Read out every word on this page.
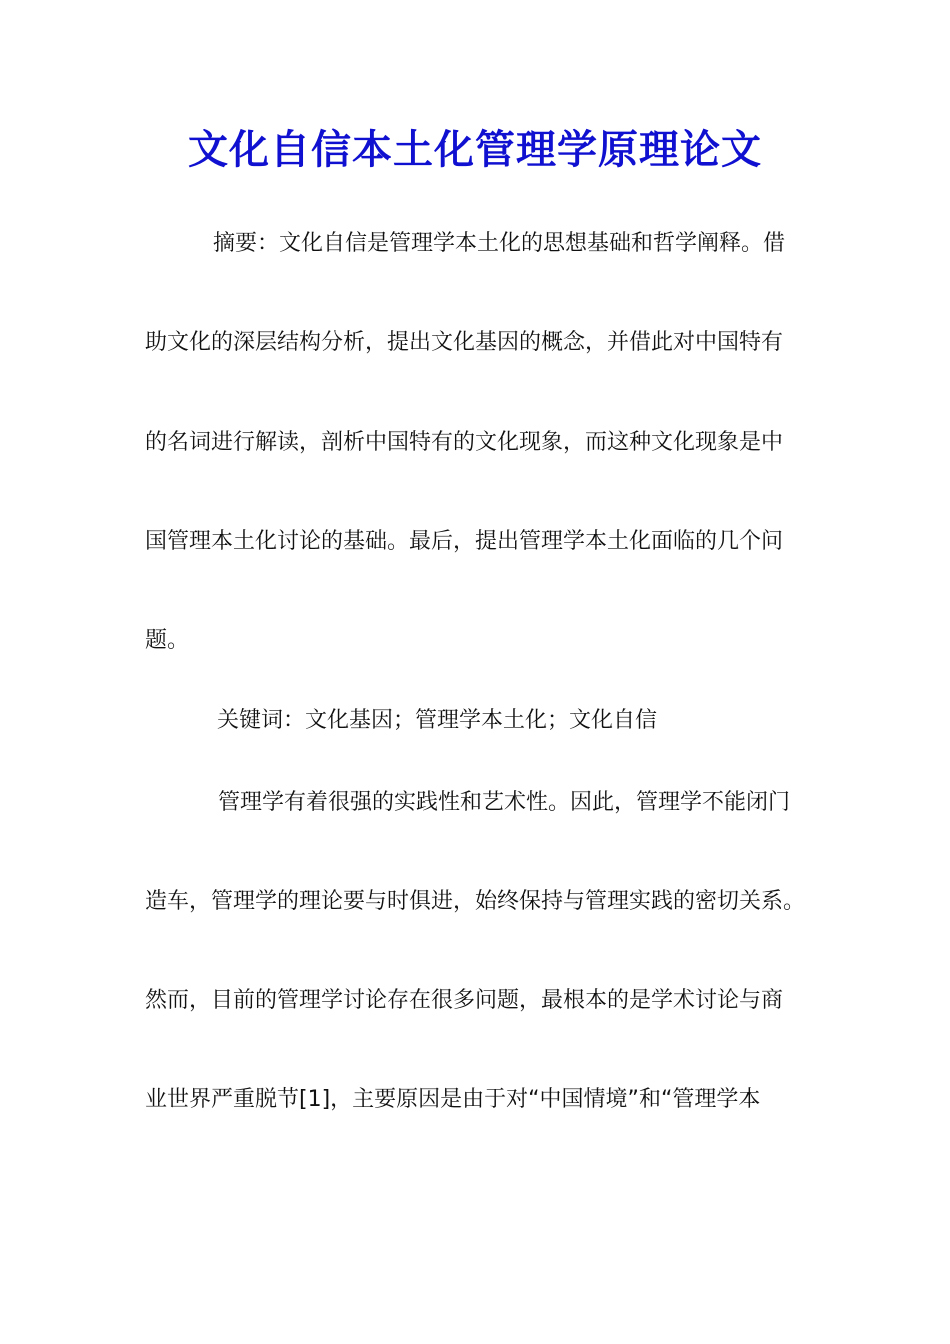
文化自信本土化管理学原理论文
摘要：文化自信是管理学本土化的思想基础和哲学阐释。借
助文化的深层结构分析，提出文化基因的概念，并借此对中国特有
的名词进行解读，剖析中国特有的文化现象，而这种文化现象是中
国管理本土化讨论的基础。最后，提出管理学本土化面临的几个问
题。
关键词：文化基因；管理学本土化；文化自信
管理学有着很强的实践性和艺术性。因此，管理学不能闭门
造车，管理学的理论要与时俱进，始终保持与管理实践的密切关系。
然而，目前的管理学讨论存在很多问题，最根本的是学术讨论与商
业世界严重脱节[1]，主要原因是由于对“中国情境”和“管理学本
